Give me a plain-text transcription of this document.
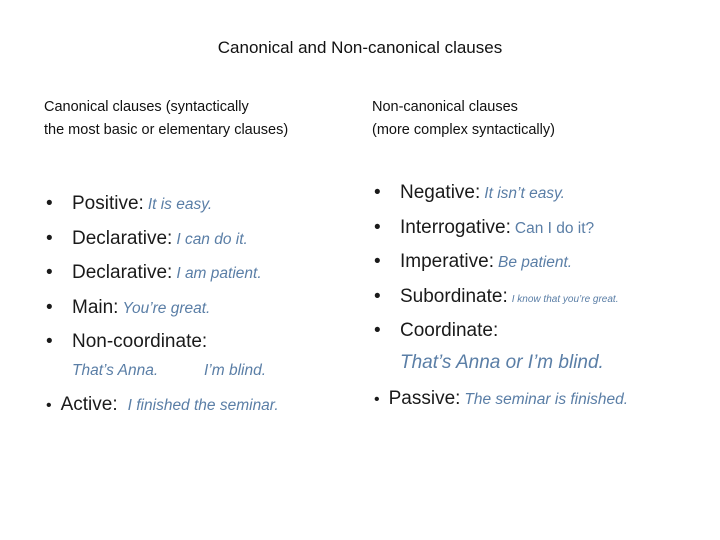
Canonical and Non-canonical clauses
Canonical clauses (syntactically
the most basic or elementary clauses)
Non-canonical clauses
(more complex syntactically)
• Positive: It is easy.
• Declarative: I can do it.
• Declarative: I am patient.
• Main: You’re great.
• Non-coordinate:
That’s Anna.	I’m blind.
• Active: I finished the seminar.
• Negative: It isn’t easy.
• Interrogative: Can I do it?
• Imperative: Be patient.
• Subordinate: I know that you’re great.
• Coordinate:
That’s Anna or I’m blind.
• Passive: The seminar is finished.
